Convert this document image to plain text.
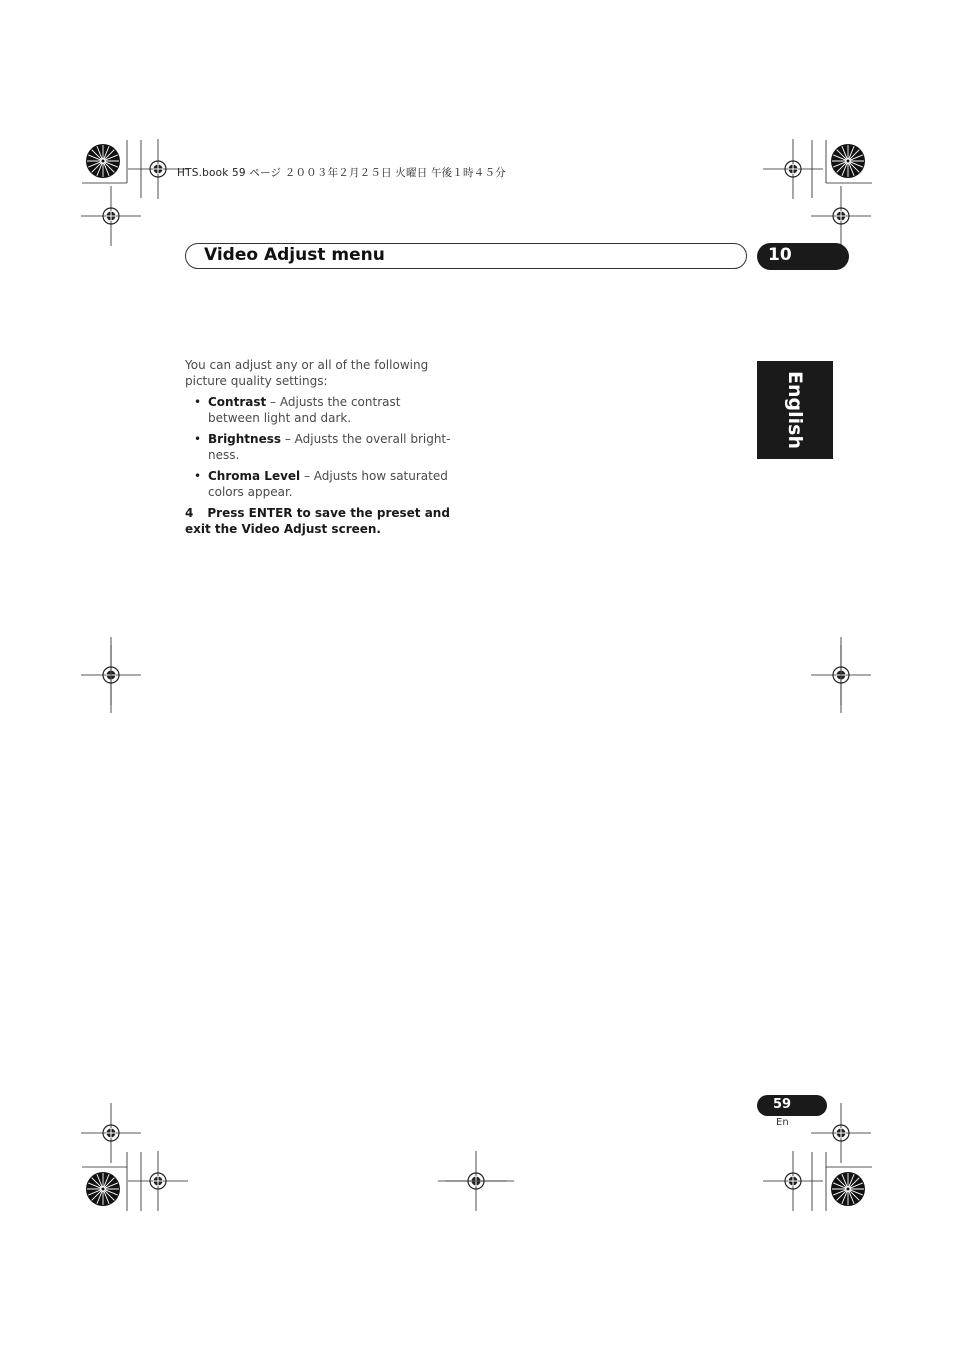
HTS.book 59 ページ ２００３年２月２５日 火曜日 午後１時４５分
Video Adjust menu	10
English

You can adjust any or all of the following picture quality settings:

• Contrast – Adjusts the contrast between light and dark.
• Brightness – Adjusts the overall bright-ness.
• Chroma Level – Adjusts how saturated colors appear.

4 Press ENTER to save the preset and exit the Video Adjust screen.

59
En
